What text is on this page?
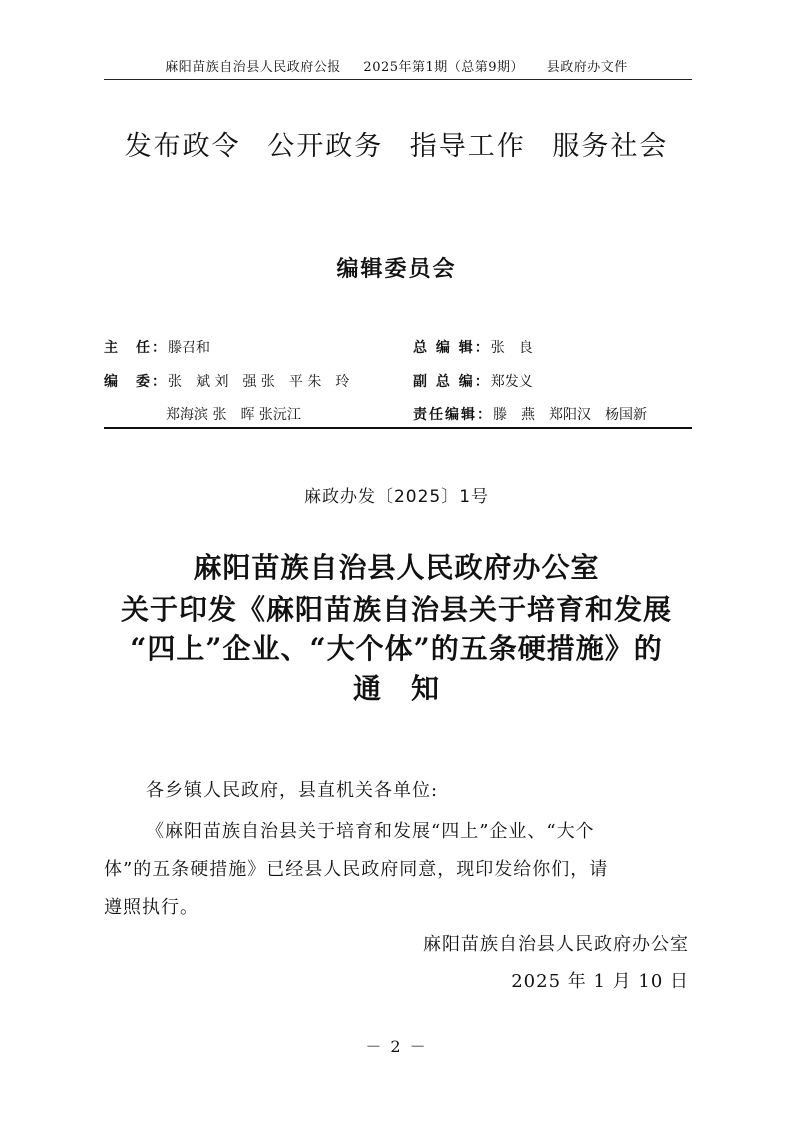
麻阳苗族自治县人民政府公报 2025年第1期（总第9期） 县政府办文件
发布政令 公开政务 指导工作 服务社会
编辑委员会
主　任：滕召和	总 编 辑：张　良
编　委：张　斌 刘　强 张　平 朱　玲	副 总 编：郑发义
郑海滨 张　晖 张沅江	责任编辑：滕　燕　郑阳汉　杨国新
麻政办发〔2025〕1号
麻阳苗族自治县人民政府办公室
关于印发《麻阳苗族自治县关于培育和发展
“四上”企业、“大个体”的五条硬措施》的
通　知
各乡镇人民政府，县直机关各单位:
《麻阳苗族自治县关于培育和发展“四上”企业、“大个
体”的五条硬措施》已经县人民政府同意，现印发给你们，请
遵照执行。
麻阳苗族自治县人民政府办公室
2025 年 1 月 10 日
－ 2 －
